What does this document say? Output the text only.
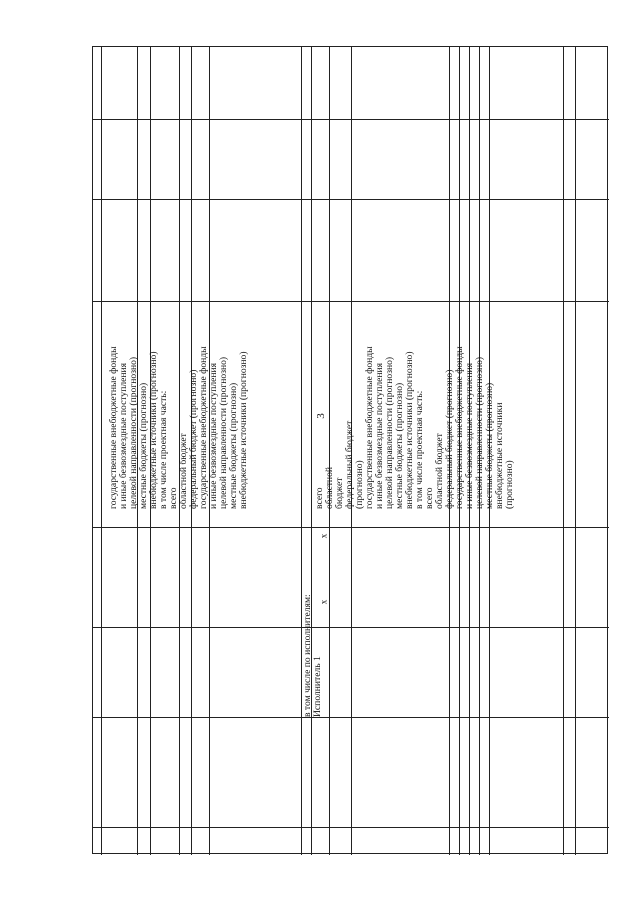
3
государственные внебюджетные фонды и иные безвозмездные поступления целевой направленности (прогнозно) местные бюджеты (прогнозно) внебюджетные источники (прогнозно) в том числе проектная часть: всего областной бюджет федеральный бюджет (прогнозно) государственные внебюджетные фонды и иные безвозмездные поступления целевой направленности (прогнозно) местные бюджеты (прогнозно) внебюджетные источники (прогнозно)
в том числе по исполнителям: Исполнитель 1
x
x
всего областной бюджет федеральный бюджет (прогнозно) государственные внебюджетные фонды и иные безвозмездные поступления целевой направленности (прогнозно) местные бюджеты (прогнозно) внебюджетные источники (прогнозно) в том числе проектная часть: всего областной бюджет федеральный бюджет (прогнозно) государственные внебюджетные фонды и иные безвозмездные поступления целевой направленности (прогнозно) местные бюджеты (прогнозно) внебюджетные источники (прогнозно)
